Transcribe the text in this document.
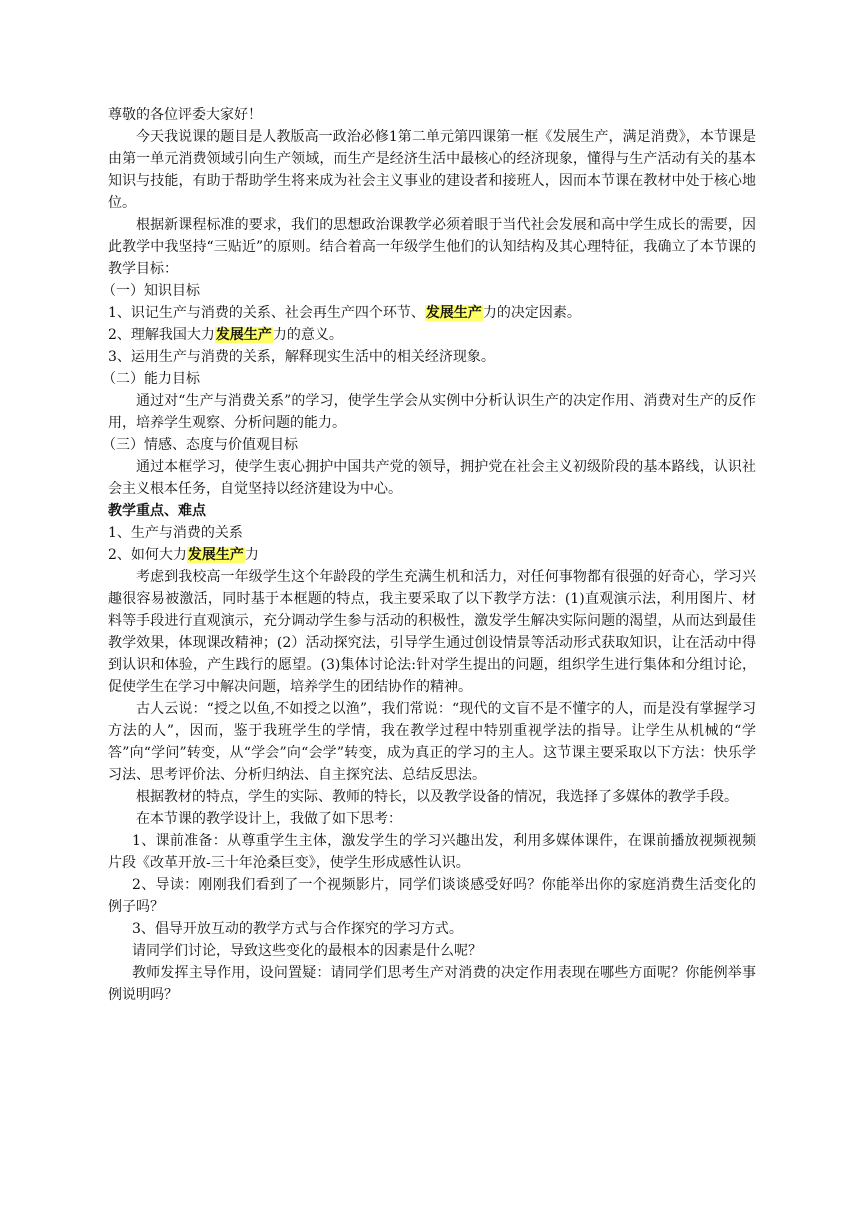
尊敬的各位评委大家好！

今天我说课的题目是人教版高一政治必修1第二单元第四课第一框《发展生产，满足消费》，本节课是由第一单元消费领域引向生产领域，而生产是经济生活中最核心的经济现象，懂得与生产活动有关的基本知识与技能，有助于帮助学生将来成为社会主义事业的建设者和接班人，因而本节课在教材中处于核心地位。

根据新课程标准的要求，我们的思想政治课教学必须着眼于当代社会发展和高中学生成长的需要，因此教学中我坚持“三贴近”的原则。结合着高一年级学生他们的认知结构及其心理特征，我确立了本节课的教学目标：

（一）知识目标

1、识记生产与消费的关系、社会再生产四个环节、发展生产力的决定因素。

2、理解我国大力发展生产力的意义。

3、运用生产与消费的关系，解释现实生活中的相关经济现象。

（二）能力目标

通过对“生产与消费关系”的学习，使学生学会从实例中分析认识生产的决定作用、消费对生产的反作用，培养学生观察、分析问题的能力。

（三）情感、态度与价值观目标

通过本框学习，使学生衷心拥护中国共产党的领导，拥护党在社会主义初级阶段的基本路线，认识社会主义根本任务，自觉坚持以经济建设为中心。

教学重点、难点

1、生产与消费的关系

2、如何大力发展生产力

考虑到我校高一年级学生这个年龄段的学生充满生机和活力，对任何事物都有很强的好奇心，学习兴趣很容易被激活，同时基于本框题的特点，我主要采取了以下教学方法：(1)直观演示法，利用图片、材料等手段进行直观演示，充分调动学生参与活动的积极性，激发学生解决实际问题的渴望，从而达到最佳教学效果，体现课改精神；(2）活动探究法，引导学生通过创设情景等活动形式获取知识，让在活动中得到认识和体验，产生践行的愿望。(3)集体讨论法:针对学生提出的问题，组织学生进行集体和分组讨论，促使学生在学习中解决问题，培养学生的团结协作的精神。

古人云说：“授之以鱼,不如授之以渔”，我们常说：“现代的文盲不是不懂字的人，而是没有掌握学习方法的人”，因而，鉴于我班学生的学情，我在教学过程中特别重视学法的指导。让学生从机械的“学答”向“学问”转变，从“学会”向“会学”转变，成为真正的学习的主人。这节课主要采取以下方法：快乐学习法、思考评价法、分析归纳法、自主探究法、总结反思法。

根据教材的特点，学生的实际、教师的特长，以及教学设备的情况，我选择了多媒体的教学手段。

在本节课的教学设计上，我做了如下思考：

1、课前准备：从尊重学生主体，激发学生的学习兴趣出发，利用多媒体课件，在课前播放视频视频片段《改革开放-三十年沧桑巨变》，使学生形成感性认识。

2、导读：刚刚我们看到了一个视频影片，同学们谈谈感受好吗？你能举出你的家庭消费生活变化的例子吗？

3、倡导开放互动的教学方式与合作探究的学习方式。

请同学们讨论，导致这些变化的最根本的因素是什么呢？

教师发挥主导作用，设问置疑：请同学们思考生产对消费的决定作用表现在哪些方面呢？你能例举事例说明吗？
